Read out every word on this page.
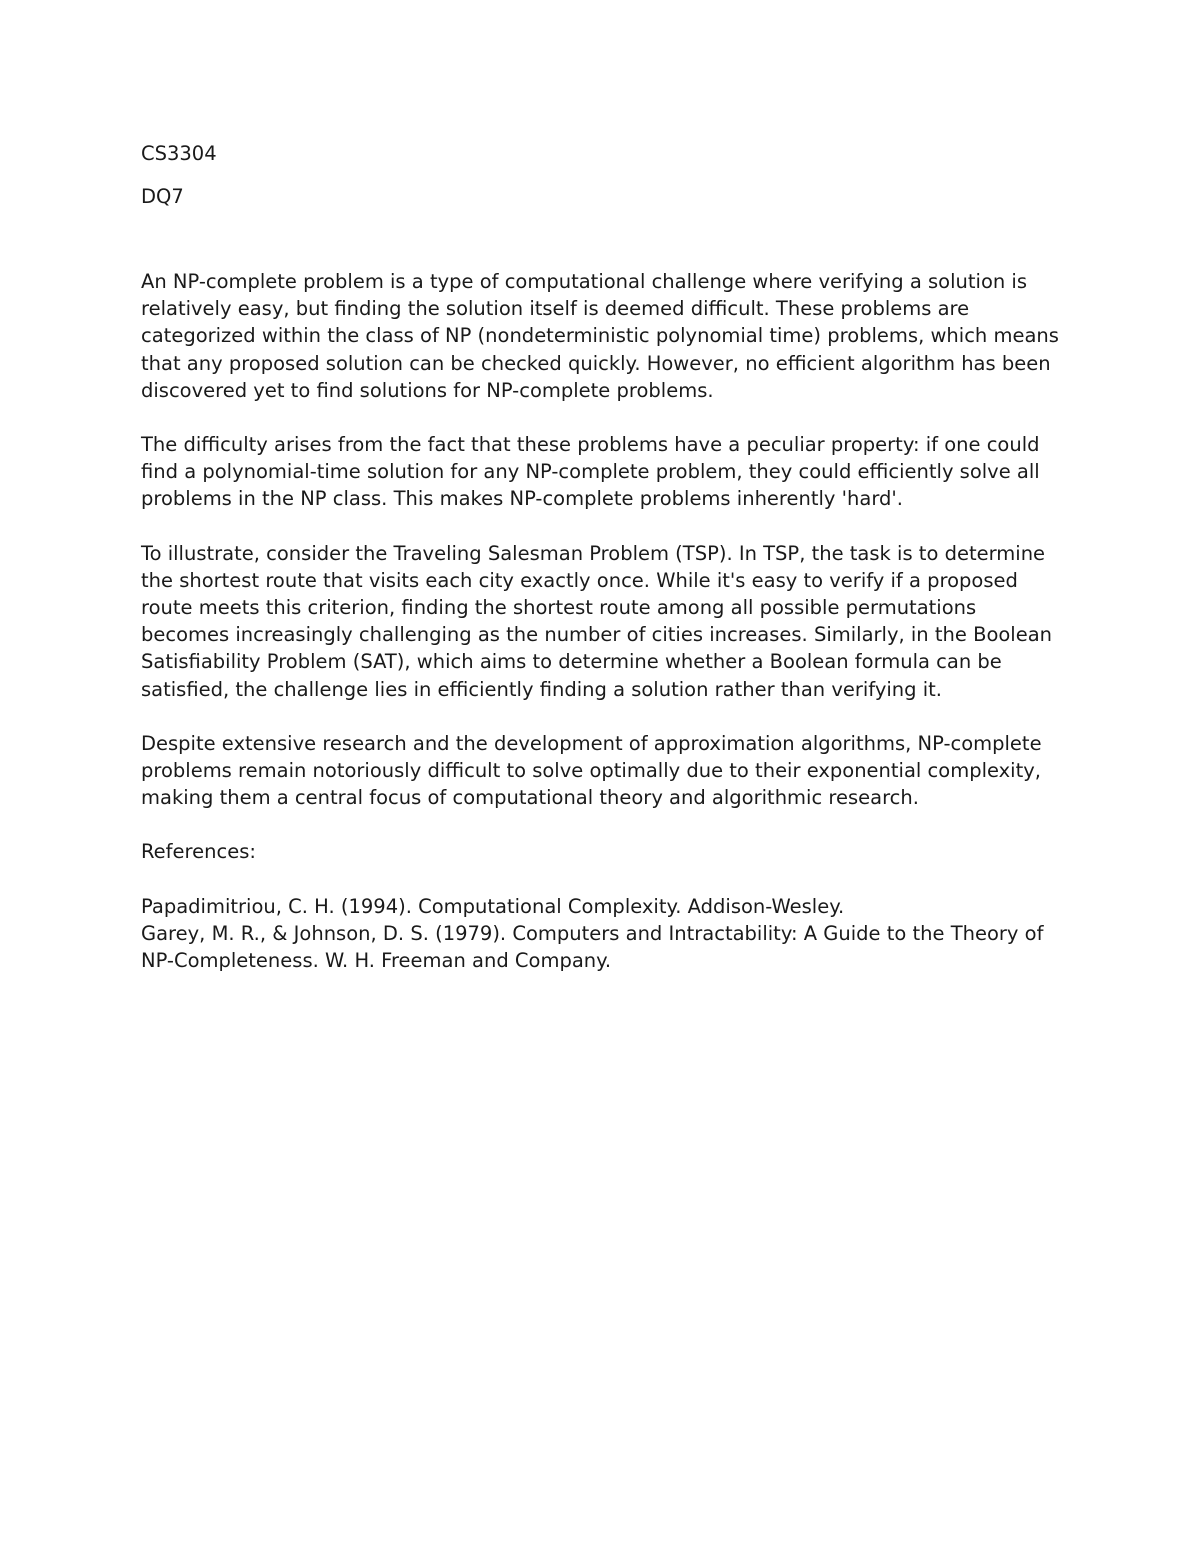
CS3304
DQ7

An NP-complete problem is a type of computational challenge where verifying a solution is relatively easy, but finding the solution itself is deemed difficult. These problems are categorized within the class of NP (nondeterministic polynomial time) problems, which means that any proposed solution can be checked quickly. However, no efficient algorithm has been discovered yet to find solutions for NP-complete problems.

The difficulty arises from the fact that these problems have a peculiar property: if one could find a polynomial-time solution for any NP-complete problem, they could efficiently solve all problems in the NP class. This makes NP-complete problems inherently 'hard'.

To illustrate, consider the Traveling Salesman Problem (TSP). In TSP, the task is to determine the shortest route that visits each city exactly once. While it's easy to verify if a proposed route meets this criterion, finding the shortest route among all possible permutations becomes increasingly challenging as the number of cities increases. Similarly, in the Boolean Satisfiability Problem (SAT), which aims to determine whether a Boolean formula can be satisfied, the challenge lies in efficiently finding a solution rather than verifying it.

Despite extensive research and the development of approximation algorithms, NP-complete problems remain notoriously difficult to solve optimally due to their exponential complexity, making them a central focus of computational theory and algorithmic research.

References:

Papadimitriou, C. H. (1994). Computational Complexity. Addison-Wesley.

Garey, M. R., & Johnson, D. S. (1979). Computers and Intractability: A Guide to the Theory of NP-Completeness. W. H. Freeman and Company.
